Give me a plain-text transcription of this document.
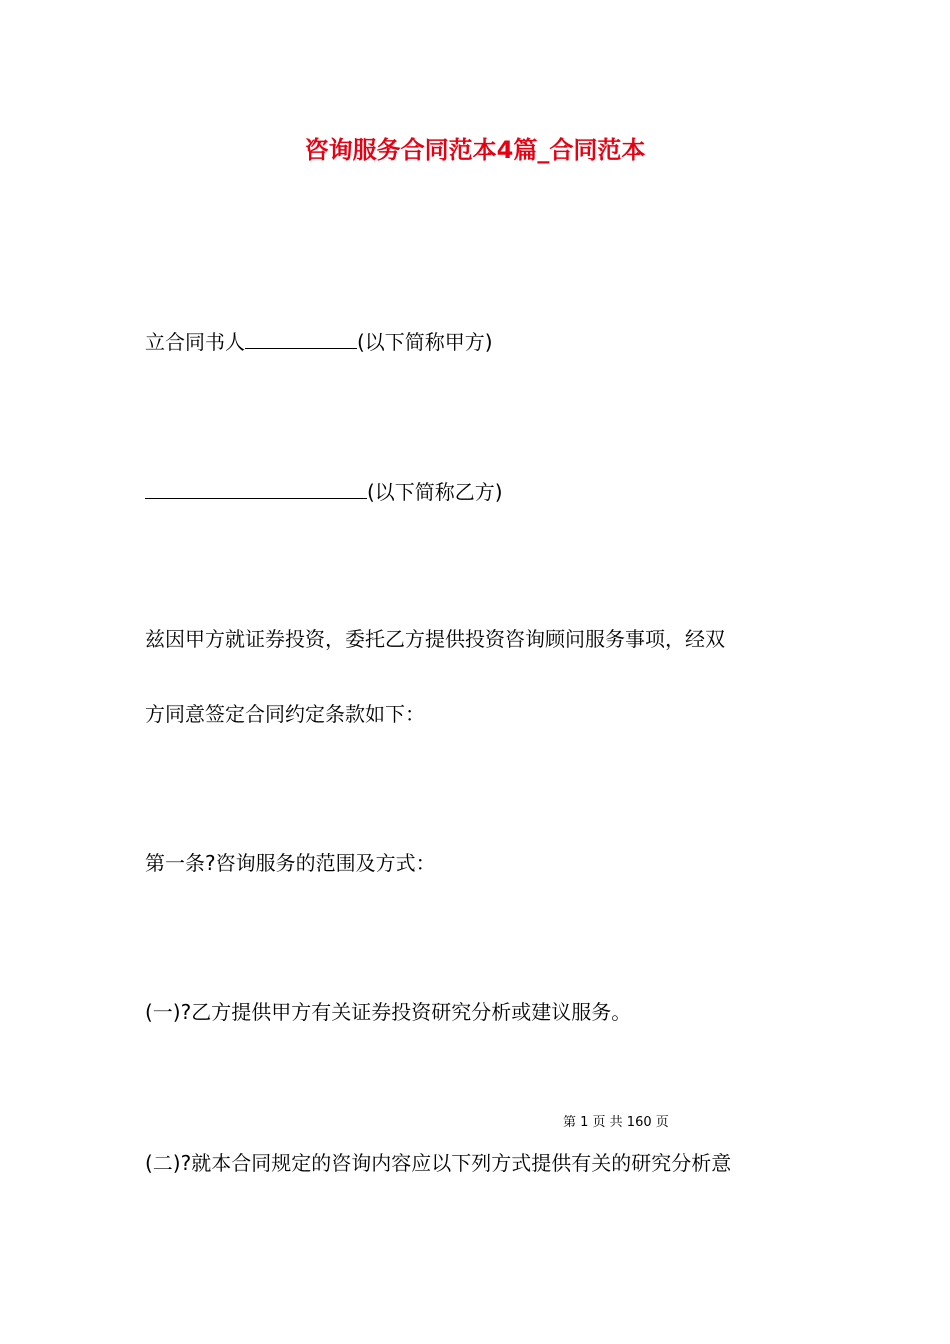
咨询服务合同范本4篇_合同范本
立合同书人	(以下简称甲方)
(以下简称乙方)
兹因甲方就证券投资，委托乙方提供投资咨询顾问服务事项，经双
方同意签定合同约定条款如下：
第一条?咨询服务的范围及方式：
(一)?乙方提供甲方有关证券投资研究分析或建议服务。
第 1 页 共 160 页
(二)?就本合同规定的咨询内容应以下列方式提供有关的研究分析意
